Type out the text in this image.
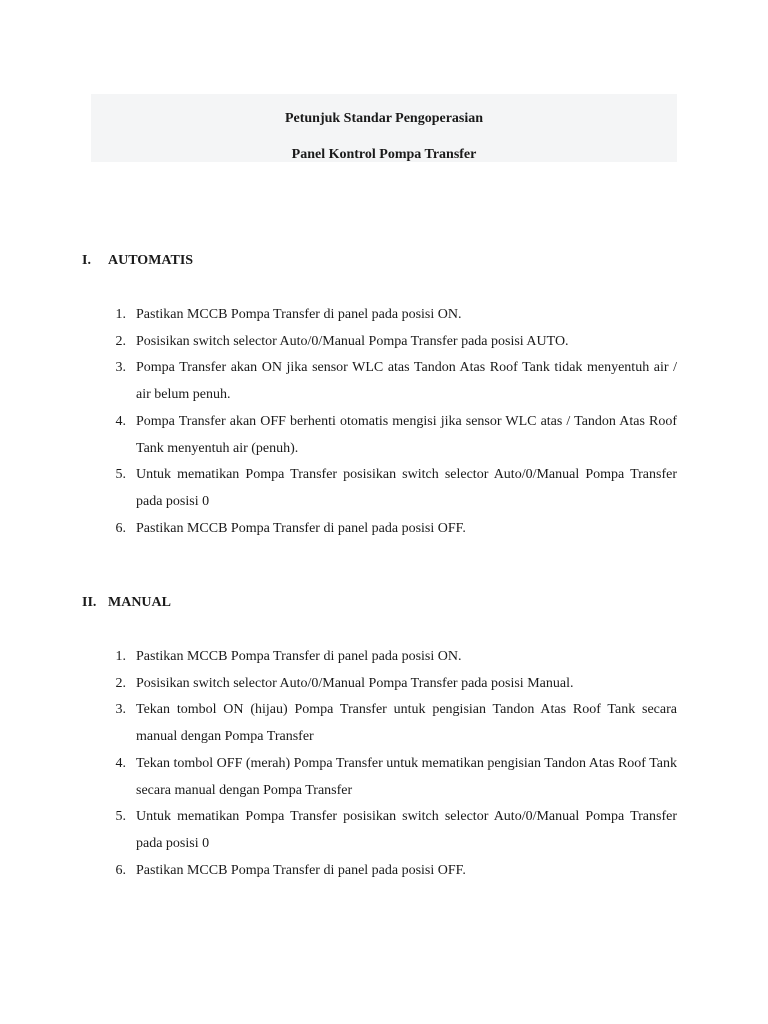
Petunjuk Standar Pengoperasian
Panel Kontrol Pompa Transfer
I. AUTOMATIS
1. Pastikan MCCB Pompa Transfer di panel pada posisi ON.
2. Posisikan switch selector Auto/0/Manual Pompa Transfer pada posisi AUTO.
3. Pompa Transfer akan ON jika sensor WLC atas Tandon Atas Roof Tank tidak menyentuh air / air belum penuh.
4. Pompa Transfer akan OFF berhenti otomatis mengisi jika sensor WLC atas / Tandon Atas Roof Tank menyentuh air (penuh).
5. Untuk mematikan Pompa Transfer posisikan switch selector Auto/0/Manual Pompa Transfer pada posisi 0
6. Pastikan MCCB Pompa Transfer di panel pada posisi OFF.
II. MANUAL
1. Pastikan MCCB Pompa Transfer di panel pada posisi ON.
2. Posisikan switch selector Auto/0/Manual Pompa Transfer pada posisi Manual.
3. Tekan tombol ON (hijau) Pompa Transfer untuk pengisian Tandon Atas Roof Tank secara manual dengan Pompa Transfer
4. Tekan tombol OFF (merah) Pompa Transfer untuk mematikan pengisian Tandon Atas Roof Tank secara manual dengan Pompa Transfer
5. Untuk mematikan Pompa Transfer posisikan switch selector Auto/0/Manual Pompa Transfer pada posisi 0
6. Pastikan MCCB Pompa Transfer di panel pada posisi OFF.
